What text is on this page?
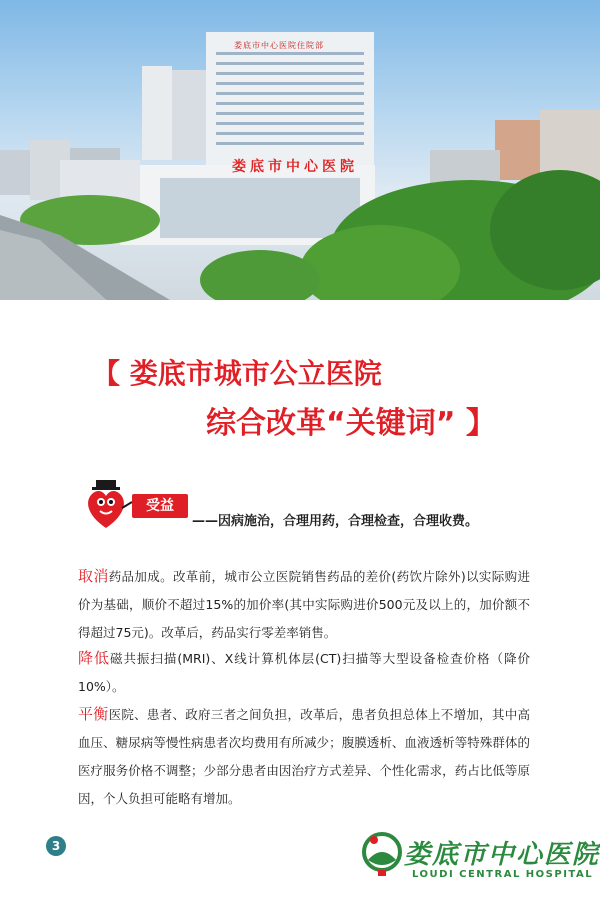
娄底市中心医院住院部
娄底市中心医院
【 娄底市城市公立医院
综合改革“关键词” 】
受益
——因病施治，合理用药，合理检查，合理收费。
取消药品加成。改革前，城市公立医院销售药品的差价(药饮片除外)以实际购进价为基础，顺价不超过15%的加价率(其中实际购进价500元及以上的，加价额不得超过75元)。改革后，药品实行零差率销售。
降低磁共振扫描(MRI)、X线计算机体层(CT)扫描等大型设备检查价格（降价10%）。
平衡医院、患者、政府三者之间负担，改革后，患者负担总体上不增加，其中高血压、糖尿病等慢性病患者次均费用有所减少；腹膜透析、血液透析等特殊群体的医疗服务价格不调整；少部分患者由因治疗方式差异、个性化需求，药占比低等原因，个人负担可能略有增加。
3	娄底市中心医院
LOUDI CENTRAL HOSPITAL
